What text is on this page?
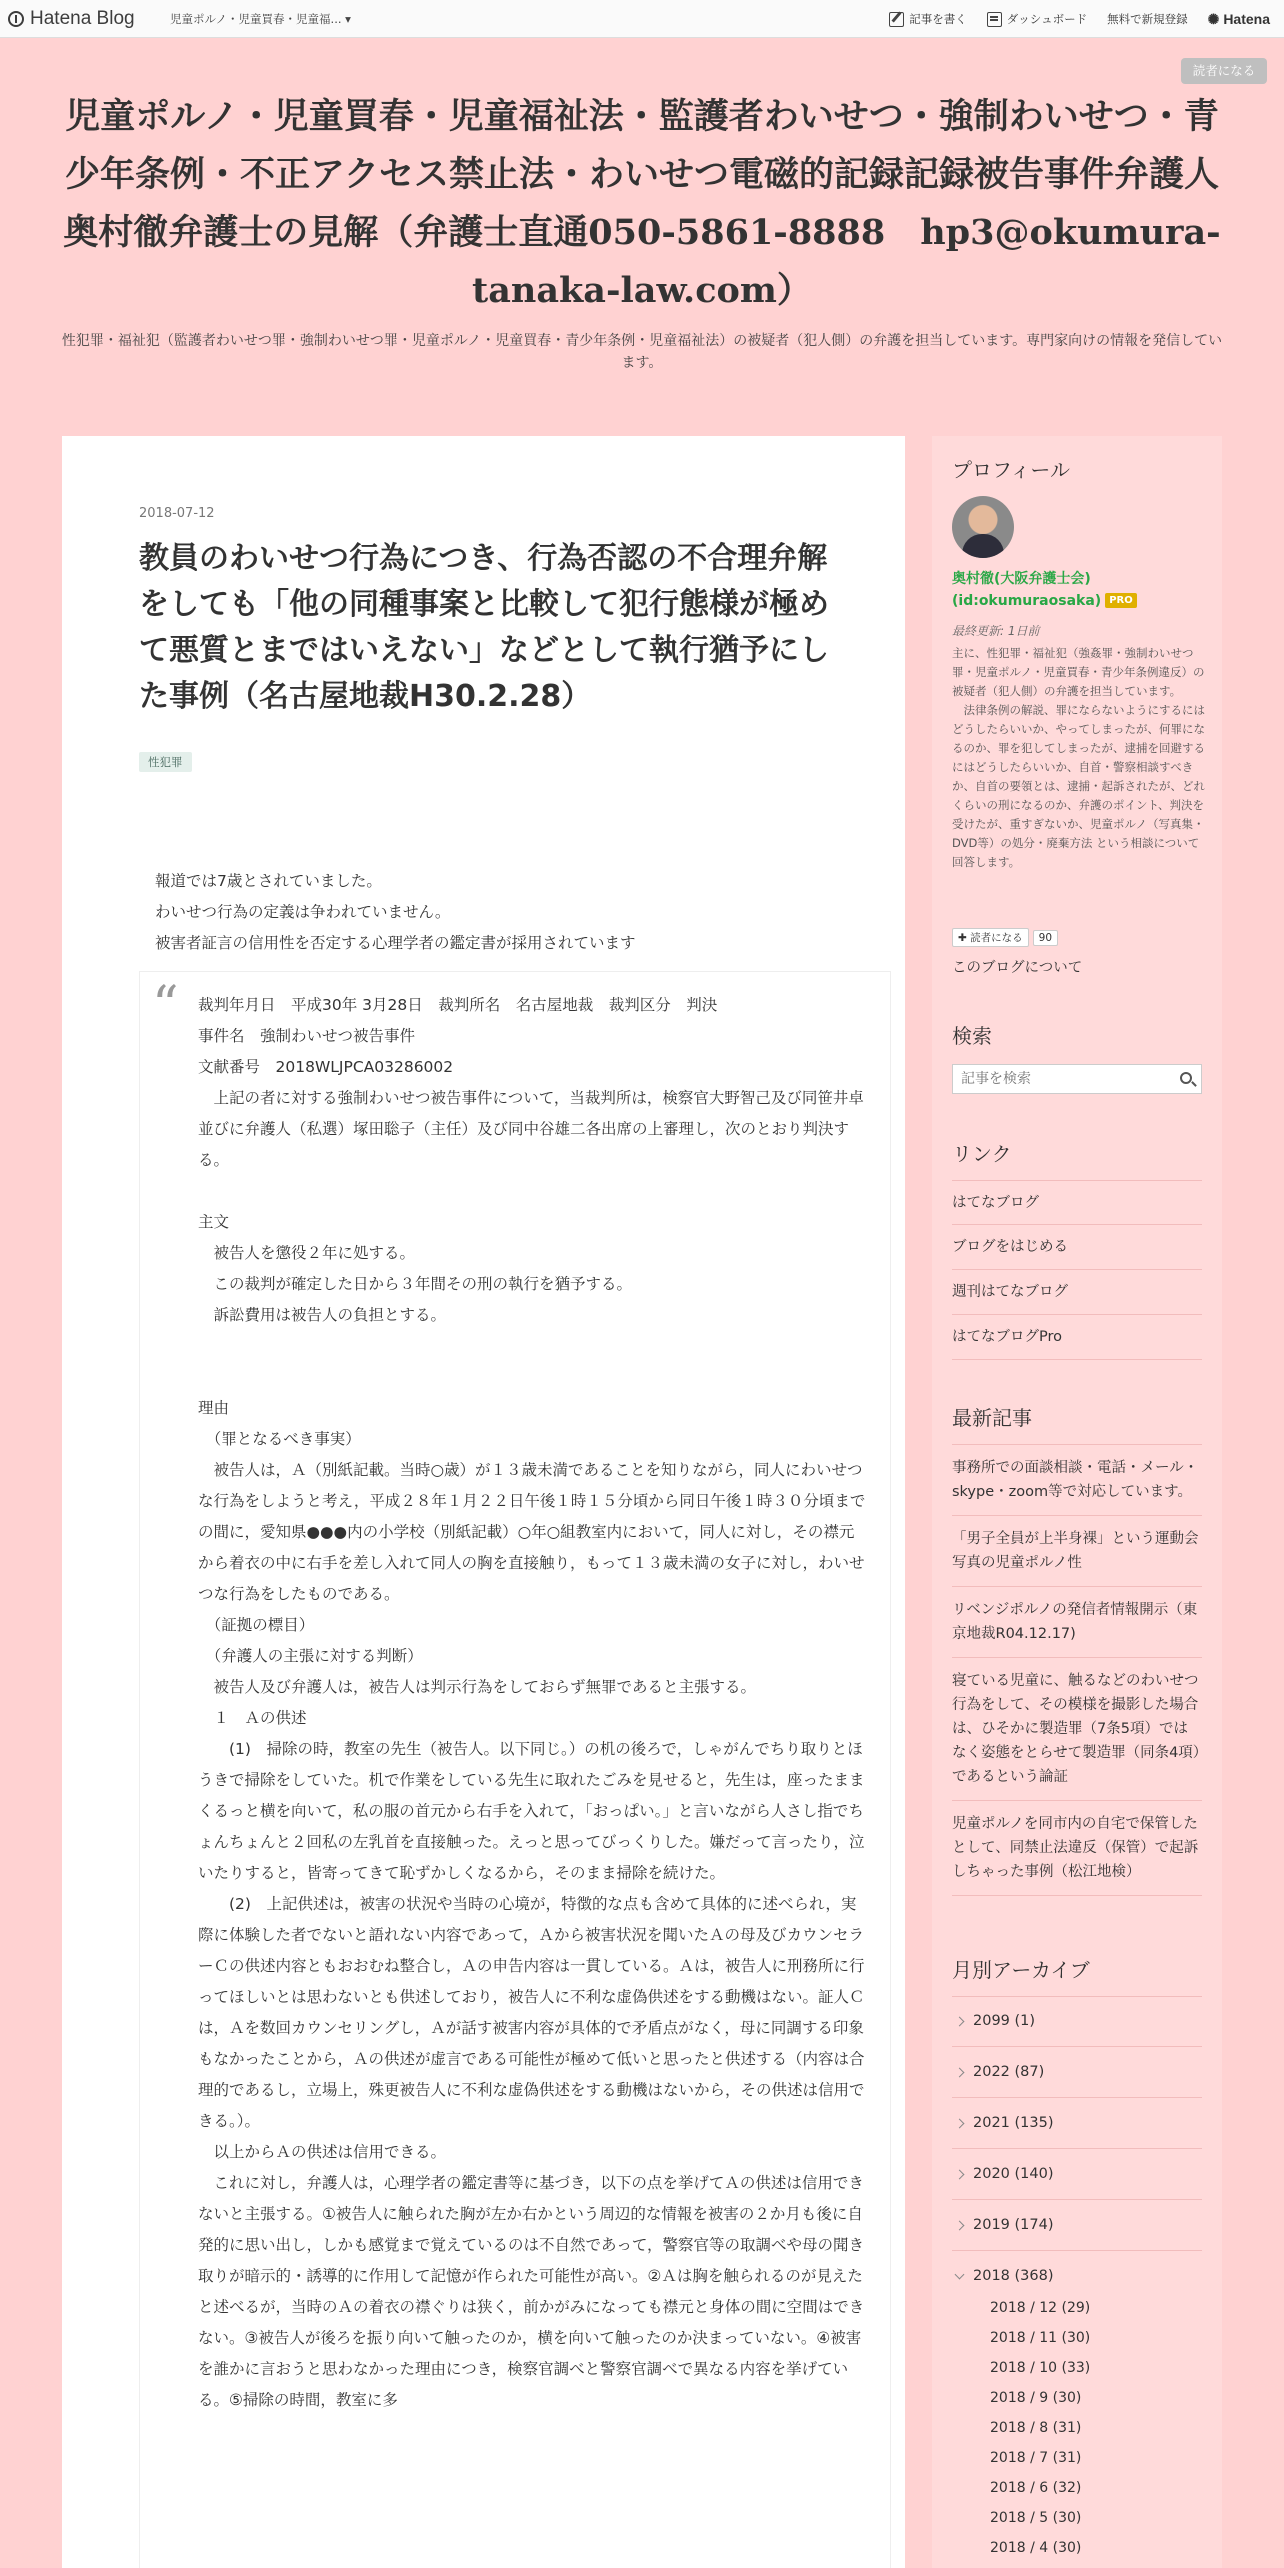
Hatena Blog	児童ポルノ・児童買春・児童福... ▾	記事を書く	ダッシュボード 無料で新規登録 ✺ Hatena
読者になる
児童ポルノ・児童買春・児童福祉法・監護者わいせつ・強制わいせつ・青少年条例・不正アクセス禁止法・わいせつ電磁的記録記録被告事件弁護人　奥村徹弁護士の見解（弁護士直通050-5861-8888　hp3@okumura-tanaka-law.com）

性犯罪・福祉犯（監護者わいせつ罪・強制わいせつ罪・児童ポルノ・児童買春・青少年条例・児童福祉法）の被疑者（犯人側）の弁護を担当しています。専門家向けの情報を発信しています。

2018-07-12
教員のわいせつ行為につき、行為否認の不合理弁解をしても「他の同種事案と比較して犯行態様が極めて悪質とまではいえない」などとして執行猶予にした事例（名古屋地裁H30.2.28）
性犯罪

報道では7歳とされていました。

わいせつ行為の定義は争われていません。

被害者証言の信用性を否定する心理学者の鑑定書が採用されています

“ 裁判年月日　平成30年 3月28日　裁判所名　名古屋地裁　裁判区分　判決
事件名　強制わいせつ被告事件
文献番号　2018WLJPCA03286002
　上記の者に対する強制わいせつ被告事件について，当裁判所は，検察官大野智己及び同笹井卓並びに弁護人（私選）塚田聡子（主任）及び同中谷雄二各出席の上審理し，次のとおり判決する。

主文
　被告人を懲役２年に処する。
　この裁判が確定した日から３年間その刑の執行を猶予する。
　訴訟費用は被告人の負担とする。

理由
　（罪となるべき事実）
　被告人は，Ａ（別紙記載。当時○歳）が１３歳未満であることを知りながら，同人にわいせつな行為をしようと考え，平成２８年１月２２日午後１時１５分頃から同日午後１時３０分頃までの間に，愛知県●●●内の小学校（別紙記載）○年○組教室内において，同人に対し，その襟元から着衣の中に右手を差し入れて同人の胸を直接触り，もって１３歳未満の女子に対し，わいせつな行為をしたものである。
　（証拠の標目）
　（弁護人の主張に対する判断）
　被告人及び弁護人は，被告人は判示行為をしておらず無罪であると主張する。
　１　Ａの供述
　　(1)　掃除の時，教室の先生（被告人。以下同じ。）の机の後ろで，しゃがんでちり取りとほうきで掃除をしていた。机で作業をしている先生に取れたごみを見せると，先生は，座ったままくるっと横を向いて，私の服の首元から右手を入れて，「おっぱい。」と言いながら人さし指でちょんちょんと２回私の左乳首を直接触った。えっと思ってびっくりした。嫌だって言ったり，泣いたりすると，皆寄ってきて恥ずかしくなるから，そのまま掃除を続けた。
　　(2)　上記供述は，被害の状況や当時の心境が，特徴的な点も含めて具体的に述べられ，実際に体験した者でないと語れない内容であって，Ａから被害状況を聞いたＡの母及びカウンセラーＣの供述内容ともおおむね整合し，Ａの申告内容は一貫している。Ａは，被告人に刑務所に行ってほしいとは思わないとも供述しており，被告人に不利な虚偽供述をする動機はない。証人Ｃは，Ａを数回カウンセリングし，Ａが話す被害内容が具体的で矛盾点がなく，母に同調する印象もなかったことから，Ａの供述が虚言である可能性が極めて低いと思ったと供述する（内容は合理的であるし，立場上，殊更被告人に不利な虚偽供述をする動機はないから，その供述は信用できる。）。
　以上からＡの供述は信用できる。
　これに対し，弁護人は，心理学者の鑑定書等に基づき，以下の点を挙げてＡの供述は信用できないと主張する。①被告人に触られた胸が左か右かという周辺的な情報を被害の２か月も後に自発的に思い出し，しかも感覚まで覚えているのは不自然であって，警察官等の取調べや母の聞き取りが暗示的・誘導的に作用して記憶が作られた可能性が高い。②Ａは胸を触られるのが見えたと述べるが，当時のＡの着衣の襟ぐりは狭く，前かがみになっても襟元と身体の間に空間はできない。③被告人が後ろを振り向いて触ったのか，横を向いて触ったのか決まっていない。④被害を誰かに言おうと思わなかった理由につき，検察官調べと警察官調べで異なる内容を挙げている。⑤掃除の時間，教室に多

プロフィール
奥村徹(大阪弁護士会)
(id:okumuraosaka) PRO
最終更新: 1日前
主に、性犯罪・福祉犯（強姦罪・強制わいせつ罪・児童ポルノ・児童買春・青少年条例違反）の被疑者（犯人側）の弁護を担当しています。
　法律条例の解説、罪にならないようにするにはどうしたらいいか、やってしまったが、何罪になるのか、罪を犯してしまったが、逮捕を回避するにはどうしたらいいか、自首・警察相談すべきか、自首の要領とは、逮捕・起訴されたが、どれくらいの刑になるのか、弁護のポイント、判決を受けたが、重すぎないか、児童ポルノ（写真集・DVD等）の処分・廃棄方法 という相談について回答します。
✚ 読者になる	90
このブログについて
検索
記事を検索
リンク
はてなブログ
ブログをはじめる
週刊はてなブログ
はてなブログPro
最新記事
事務所での面談相談・電話・メール・skype・zoom等で対応しています。
「男子全員が上半身裸」という運動会写真の児童ポルノ性
リベンジポルノの発信者情報開示（東京地裁R04.12.17)
寝ている児童に、触るなどのわいせつ行為をして、その模様を撮影した場合は、ひそかに製造罪（7条5項）ではなく姿態をとらせて製造罪（同条4項）であるという論証
児童ポルノを同市内の自宅で保管したとして、同禁止法違反（保管）で起訴しちゃった事例（松江地検）
月別アーカイブ
2099 (1)
2022 (87)
2021 (135)
2020 (140)
2019 (174)
2018 (368)
2018 / 12 (29)
2018 / 11 (30)
2018 / 10 (33)
2018 / 9 (30)
2018 / 8 (31)
2018 / 7 (31)
2018 / 6 (32)
2018 / 5 (30)
2018 / 4 (30)
